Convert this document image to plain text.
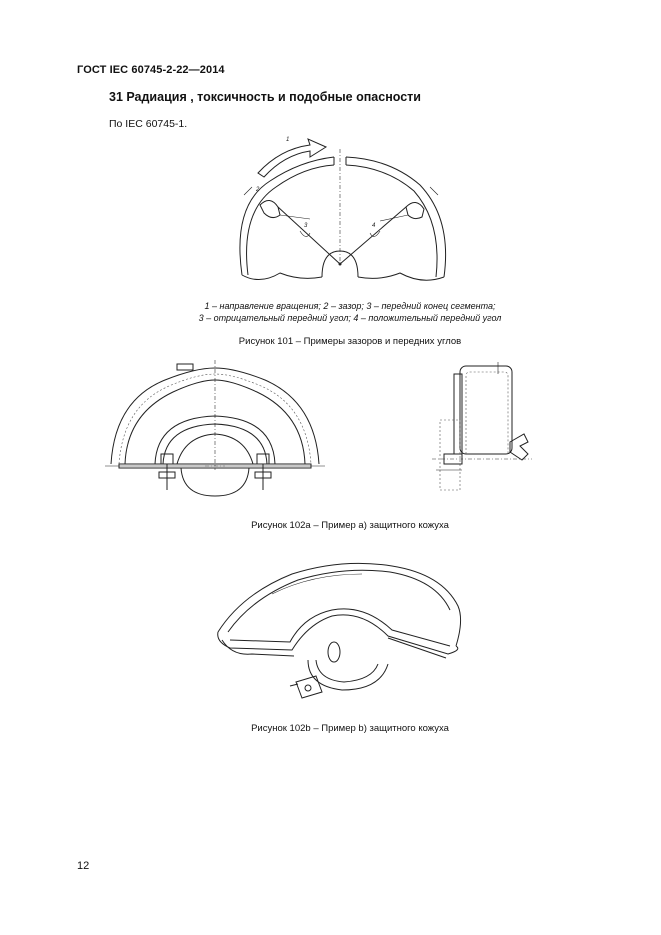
ГОСТ IEC 60745-2-22—2014
31 Радиация , токсичность и подобные опасности
По IEC 60745-1.
1
2
3	4
1 – направление вращения; 2 – зазор; 3 – передний конец сегмента;
3 – отрицательный передний угол; 4 – положительный передний угол
Рисунок 101 – Примеры зазоров и передних углов
Рисунок 102a – Пример а) защитного кожуха
Рисунок 102b – Пример b) защитного кожуха
12
